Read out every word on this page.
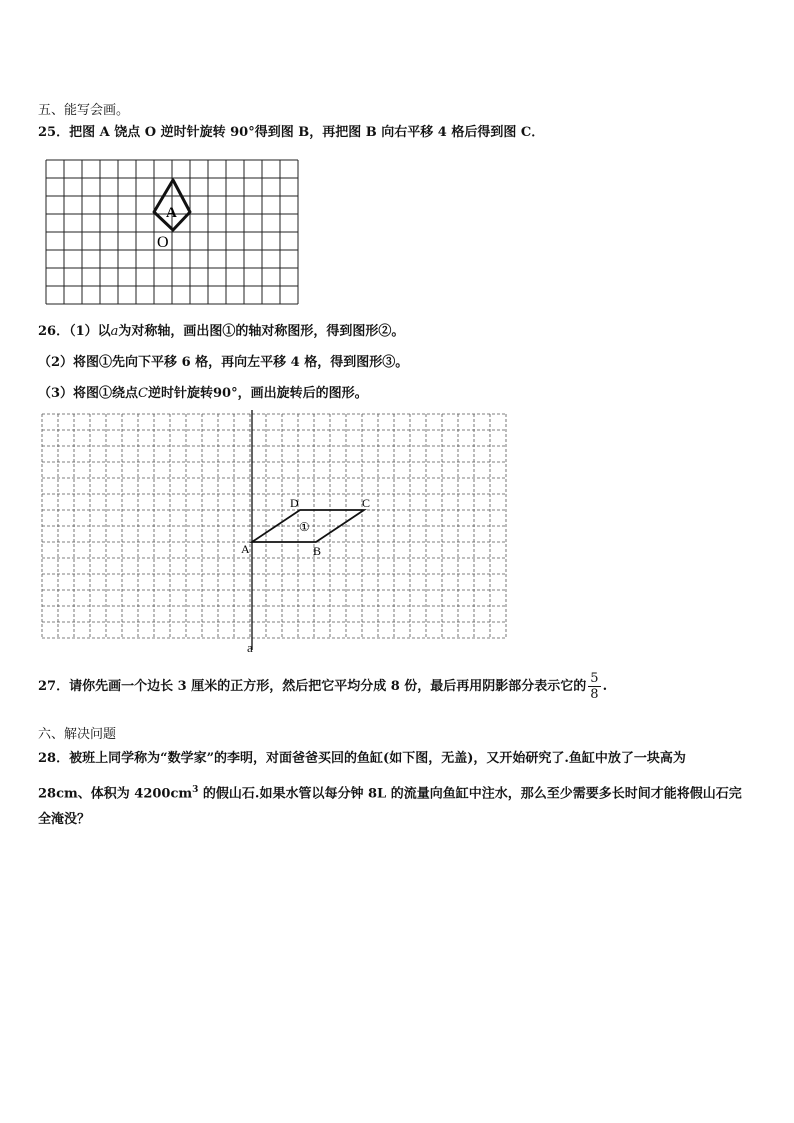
五、能写会画。
25．把图 A 饶点 O 逆时针旋转 90°得到图 B，再把图 B 向右平移 4 格后得到图 C．
A
O
26．（1）以a为对称轴，画出图①的轴对称图形，得到图形②。
（2）将图①先向下平移 6 格，再向左平移 4 格，得到图形③。
（3）将图①绕点C逆时针旋转90°，画出旋转后的图形。
A	B
C
D
①
a
27．请你先画一个边长 3 厘米的正方形，然后把它平均分成 8 份，最后再用阴影部分表示它的 $\frac{5}{8}$ .
六、解决问题
28．被班上同学称为“数学家”的李明，对面爸爸买回的鱼缸(如下图，无盖)，又开始研究了.鱼缸中放了一块高为
28cm、体积为 $4200cm^3$ 的假山石.如果水管以每分钟 8L 的流量向鱼缸中注水，那么至少需要多长时间才能将假山石完
全淹没？
